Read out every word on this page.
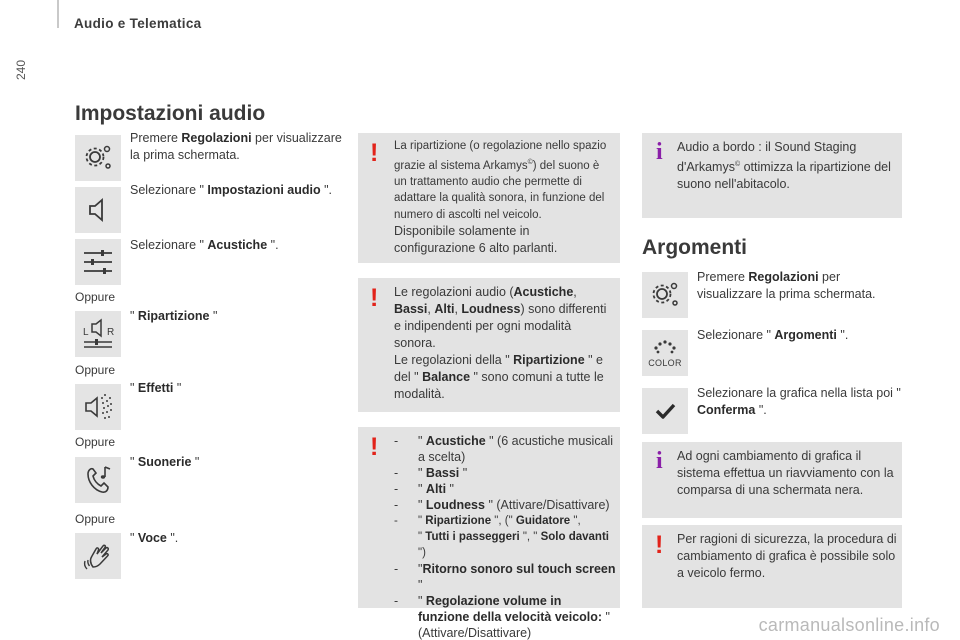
Audio e Telematica
240
Impostazioni audio
Premere Regolazioni per visualizzare la prima schermata.
Selezionare " Impostazioni audio ".
Selezionare " Acustiche ".
Oppure
L R
" Ripartizione "
Oppure
" Effetti "
Oppure
" Suonerie "
Oppure
" Voce ".
! La ripartizione (o regolazione nello spazio grazie al sistema Arkamys©) del suono è un trattamento audio che permette di adattare la qualità sonora, in funzione del numero di ascolti nel veicolo.
Disponibile solamente in configurazione 6 alto parlanti.
! Le regolazioni audio (Acustiche, Bassi, Alti, Loudness) sono differenti e indipendenti per ogni modalità sonora.
Le regolazioni della " Ripartizione " e del " Balance " sono comuni a tutte le modalità.
! -	" Acustiche " (6 acustiche musicali a scelta)
-	" Bassi "
-	" Alti "
-	" Loudness " (Attivare/Disattivare)
-	" Ripartizione ", (" Guidatore ",
" Tutti i passeggeri ", " Solo davanti ")
-	"Ritorno sonoro sul touch screen "
-	" Regolazione volume in funzione della velocità veicolo: " (Attivare/Disattivare)
i Audio a bordo : il Sound Staging d'Arkamys© ottimizza la ripartizione del suono nell'abitacolo.
Argomenti
Premere Regolazioni per visualizzare la prima schermata.
COLOR
Selezionare " Argomenti ".
Selezionare la grafica nella lista poi " Conferma ".
i Ad ogni cambiamento di grafica il sistema effettua un riavviamento con la comparsa di una schermata nera.
! Per ragioni di sicurezza, la procedura di cambiamento di grafica è possibile solo a veicolo fermo.
carmanualsonline.info
